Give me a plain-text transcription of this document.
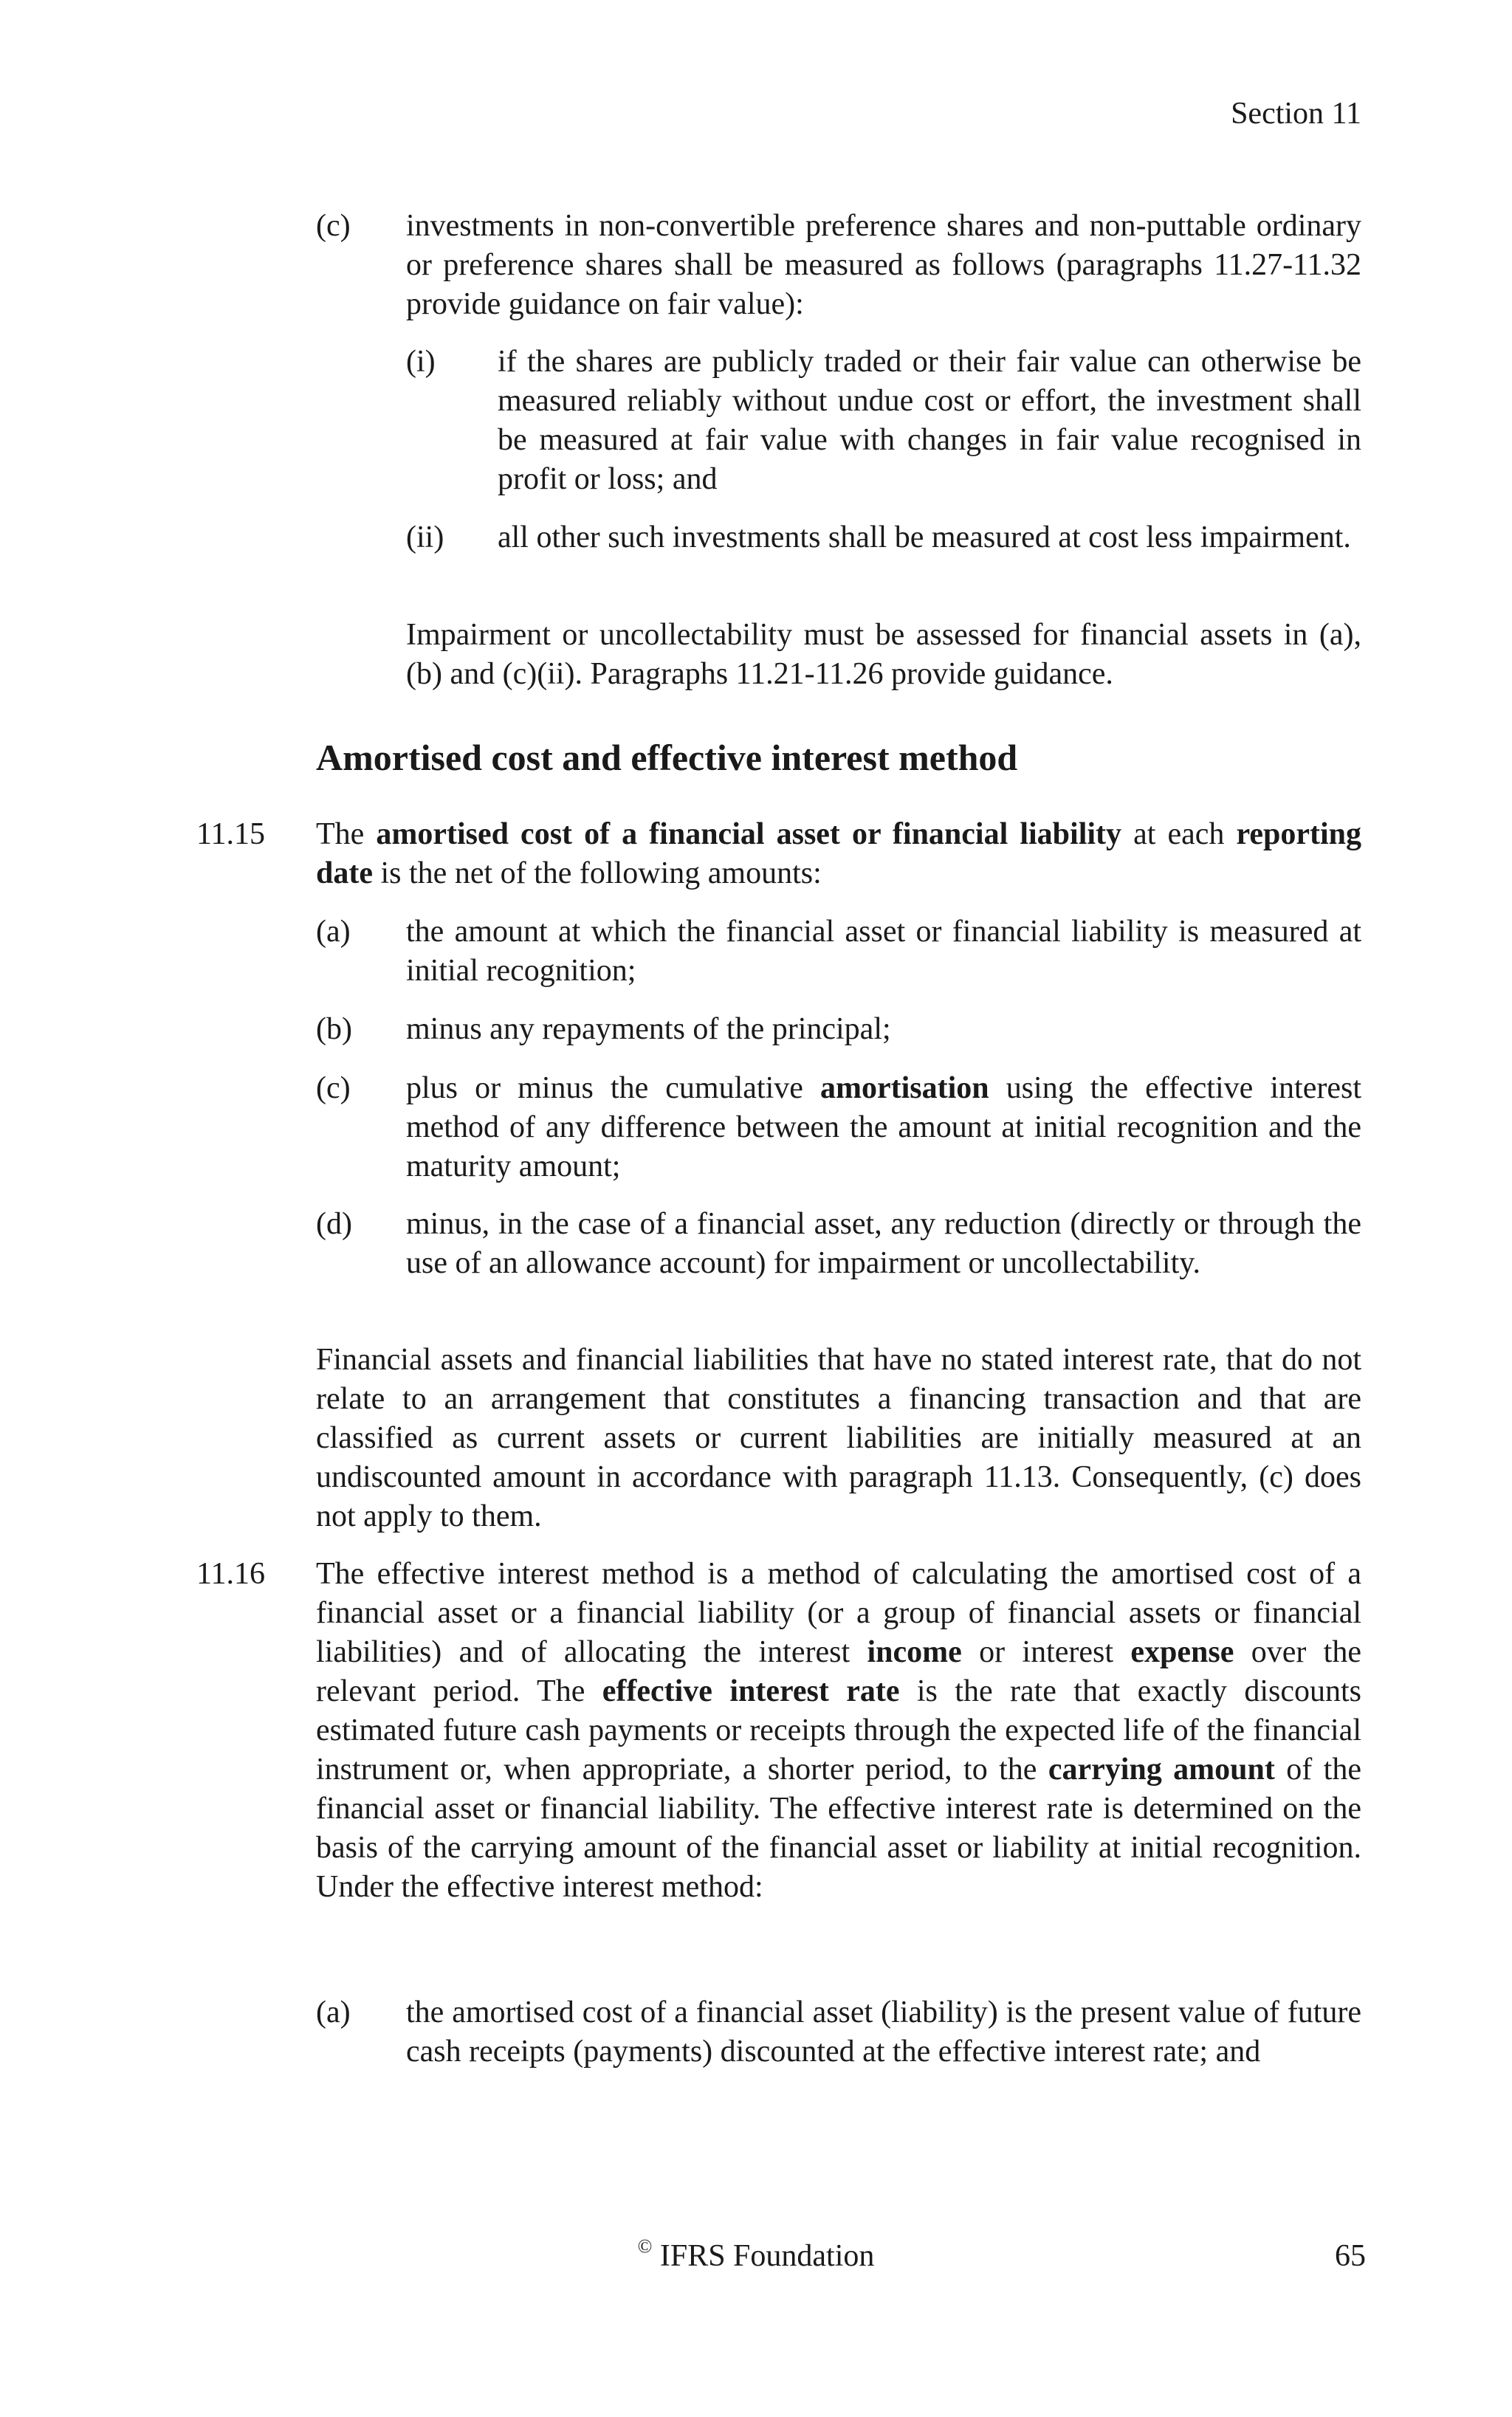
Section 11
(c) investments in non-convertible preference shares and non-puttable ordinary or preference shares shall be measured as follows (paragraphs 11.27-11.32 provide guidance on fair value):
(i) if the shares are publicly traded or their fair value can otherwise be measured reliably without undue cost or effort, the investment shall be measured at fair value with changes in fair value recognised in profit or loss; and
(ii) all other such investments shall be measured at cost less impairment.
Impairment or uncollectability must be assessed for financial assets in (a), (b) and (c)(ii). Paragraphs 11.21-11.26 provide guidance.
Amortised cost and effective interest method
11.15 The amortised cost of a financial asset or financial liability at each reporting date is the net of the following amounts:
(a) the amount at which the financial asset or financial liability is measured at initial recognition;
(b) minus any repayments of the principal;
(c) plus or minus the cumulative amortisation using the effective interest method of any difference between the amount at initial recognition and the maturity amount;
(d) minus, in the case of a financial asset, any reduction (directly or through the use of an allowance account) for impairment or uncollectability.
Financial assets and financial liabilities that have no stated interest rate, that do not relate to an arrangement that constitutes a financing transaction and that are classified as current assets or current liabilities are initially measured at an undiscounted amount in accordance with paragraph 11.13. Consequently, (c) does not apply to them.
11.16 The effective interest method is a method of calculating the amortised cost of a financial asset or a financial liability (or a group of financial assets or financial liabilities) and of allocating the interest income or interest expense over the relevant period. The effective interest rate is the rate that exactly discounts estimated future cash payments or receipts through the expected life of the financial instrument or, when appropriate, a shorter period, to the carrying amount of the financial asset or financial liability. The effective interest rate is determined on the basis of the carrying amount of the financial asset or liability at initial recognition. Under the effective interest method:
(a) the amortised cost of a financial asset (liability) is the present value of future cash receipts (payments) discounted at the effective interest rate; and
© IFRS Foundation	65
